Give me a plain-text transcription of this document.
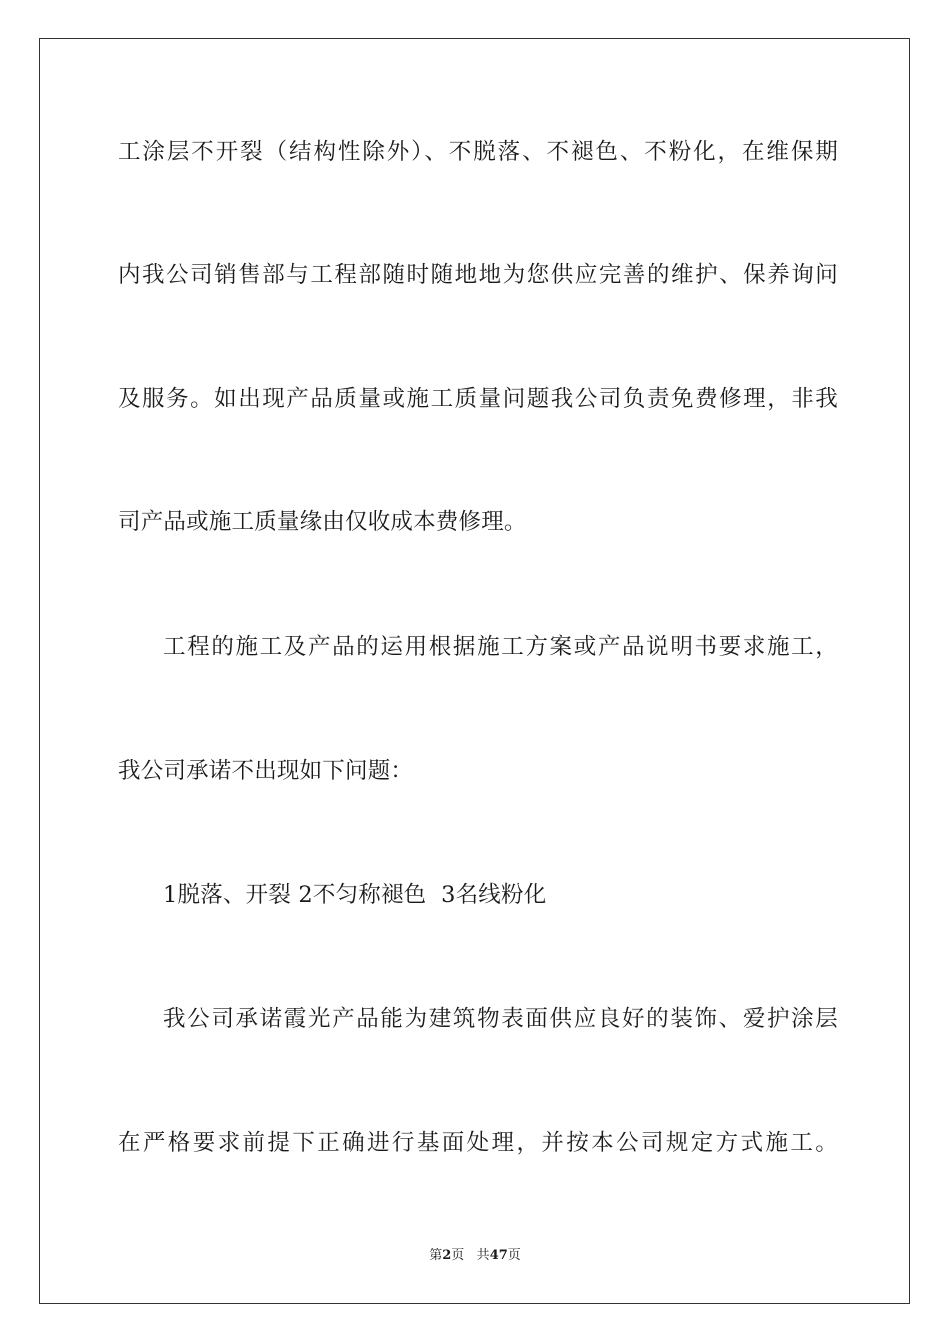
工涂层不开裂（结构性除外）、不脱落、不褪色、不粉化，在维保期
内我公司销售部与工程部随时随地地为您供应完善的维护、保养询问
及服务。如出现产品质量或施工质量问题我公司负责免费修理，非我
司产品或施工质量缘由仅收成本费修理。
工程的施工及产品的运用根据施工方案或产品说明书要求施工，
我公司承诺不出现如下问题：
1脱落、开裂 2不匀称褪色  3名线粉化
我公司承诺霞光产品能为建筑物表面供应良好的装饰、爱护涂层
在严格要求前提下正确进行基面处理，并按本公司规定方式施工。
第2页 共47页
